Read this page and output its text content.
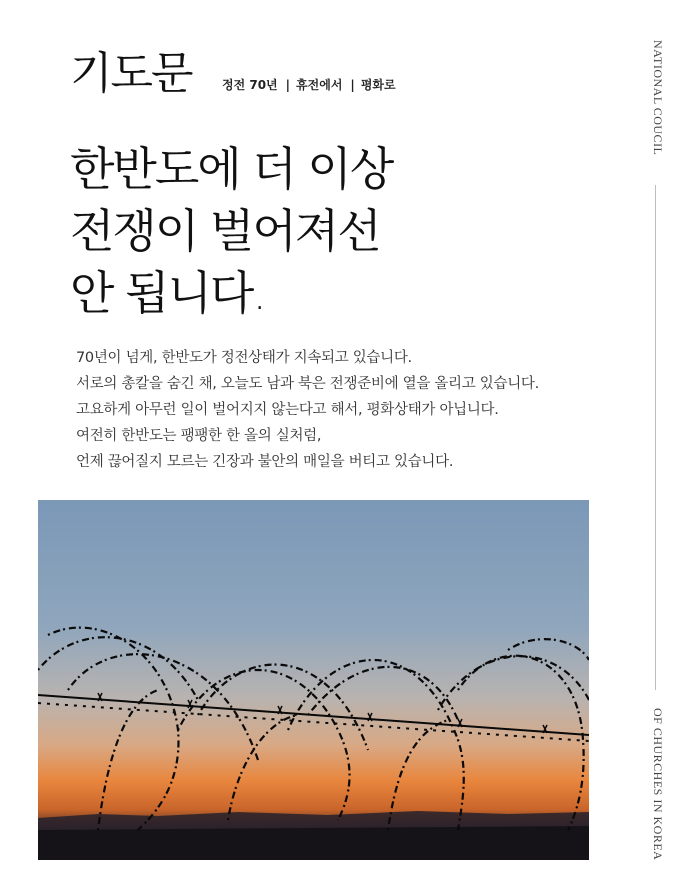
기도문	정전 70년 | 휴전에서 | 평화로
한반도에 더 이상
전쟁이 벌어져선
안 됩니다.
70년이 넘게, 한반도가 정전상태가 지속되고 있습니다.
서로의 총칼을 숨긴 채, 오늘도 남과 북은 전쟁준비에 열을 올리고 있습니다.
고요하게 아무런 일이 벌어지지 않는다고 해서, 평화상태가 아닙니다.
여전히 한반도는 팽팽한 한 올의 실처럼,
언제 끊어질지 모르는 긴장과 불안의 매일을 버티고 있습니다.
NATIONAL COUCIL
OF CHURCHES IN KOREA
